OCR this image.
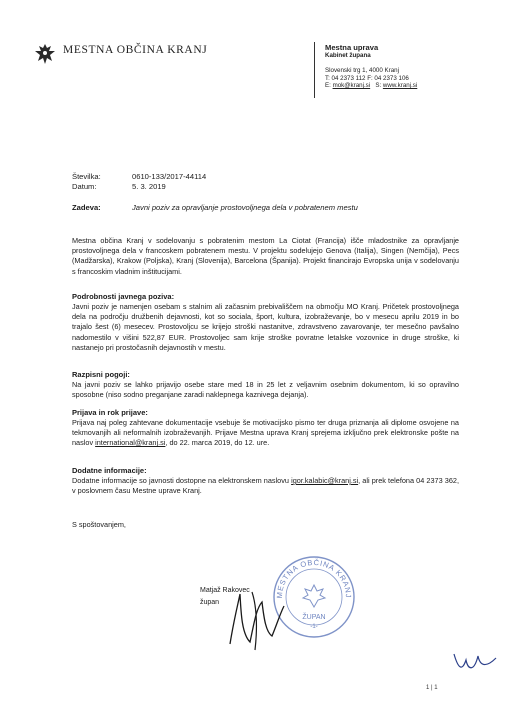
MESTNA OBČINA KRANJ	Mestna uprava
Kabinet župana
Slovenski trg 1, 4000 Kranj
T: 04 2373 112 F: 04 2373 106
E: mok@kranj.si   S: www.kranj.si
Številka:	0610-133/2017-44114
Datum:	5. 3. 2019
Zadeva:	Javni poziv za opravljanje prostovoljnega dela v pobratenem mestu
Mestna občina Kranj v sodelovanju s pobratenim mestom La Ciotat (Francija) išče mladostnike za opravljanje prostovoljnega dela v francoskem pobratenem mestu. V projektu sodelujejo Genova (Italija), Singen (Nemčija), Pecs (Madžarska), Krakow (Poljska), Kranj (Slovenija), Barcelona (Španija). Projekt financirajo Evropska unija v sodelovanju s francoskim vladnim inštitucijami.
Podrobnosti javnega poziva:
Javni poziv je namenjen osebam s stalnim ali začasnim prebivališčem na območju MO Kranj. Pričetek prostovoljnega dela na področju družbenih dejavnosti, kot so sociala, šport, kultura, izobraževanje, bo v mesecu aprilu 2019 in bo trajalo šest (6) mesecev. Prostovoljcu se krijejo stroški nastanitve, zdravstveno zavarovanje, ter mesečno pavšalno nadomestilo v višini 522,87 EUR. Prostovoljec sam krije stroške povratne letalske vozovnice in druge stroške, ki nastanejo pri prostočasnih dejavnostih v mestu.
Razpisni pogoji:
Na javni poziv se lahko prijavijo osebe stare med 18 in 25 let z veljavnim osebnim dokumentom, ki so opravilno sposobne (niso sodno preganjane zaradi naklepnega kaznivega dejanja).
Prijava in rok prijave:
Prijava naj poleg zahtevane dokumentacije vsebuje še motivacijsko pismo ter druga priznanja ali diplome osvojene na tekmovanjih ali neformalnih izobraževanjih. Prijave Mestna uprava Kranj sprejema izključno prek elektronske pošte na naslov international@kranj.si, do 22. marca 2019, do 12. ure.
Dodatne informacije:
Dodatne informacije so javnosti dostopne na elektronskem naslovu igor.kalabic@kranj.si, ali prek telefona 04 2373 362, v poslovnem času Mestne uprave Kranj.
S spoštovanjem,
MESTNA OBČINA KRANJ
ŽUPAN
-1-
Matjaž Rakovec
župan
1 | 1
